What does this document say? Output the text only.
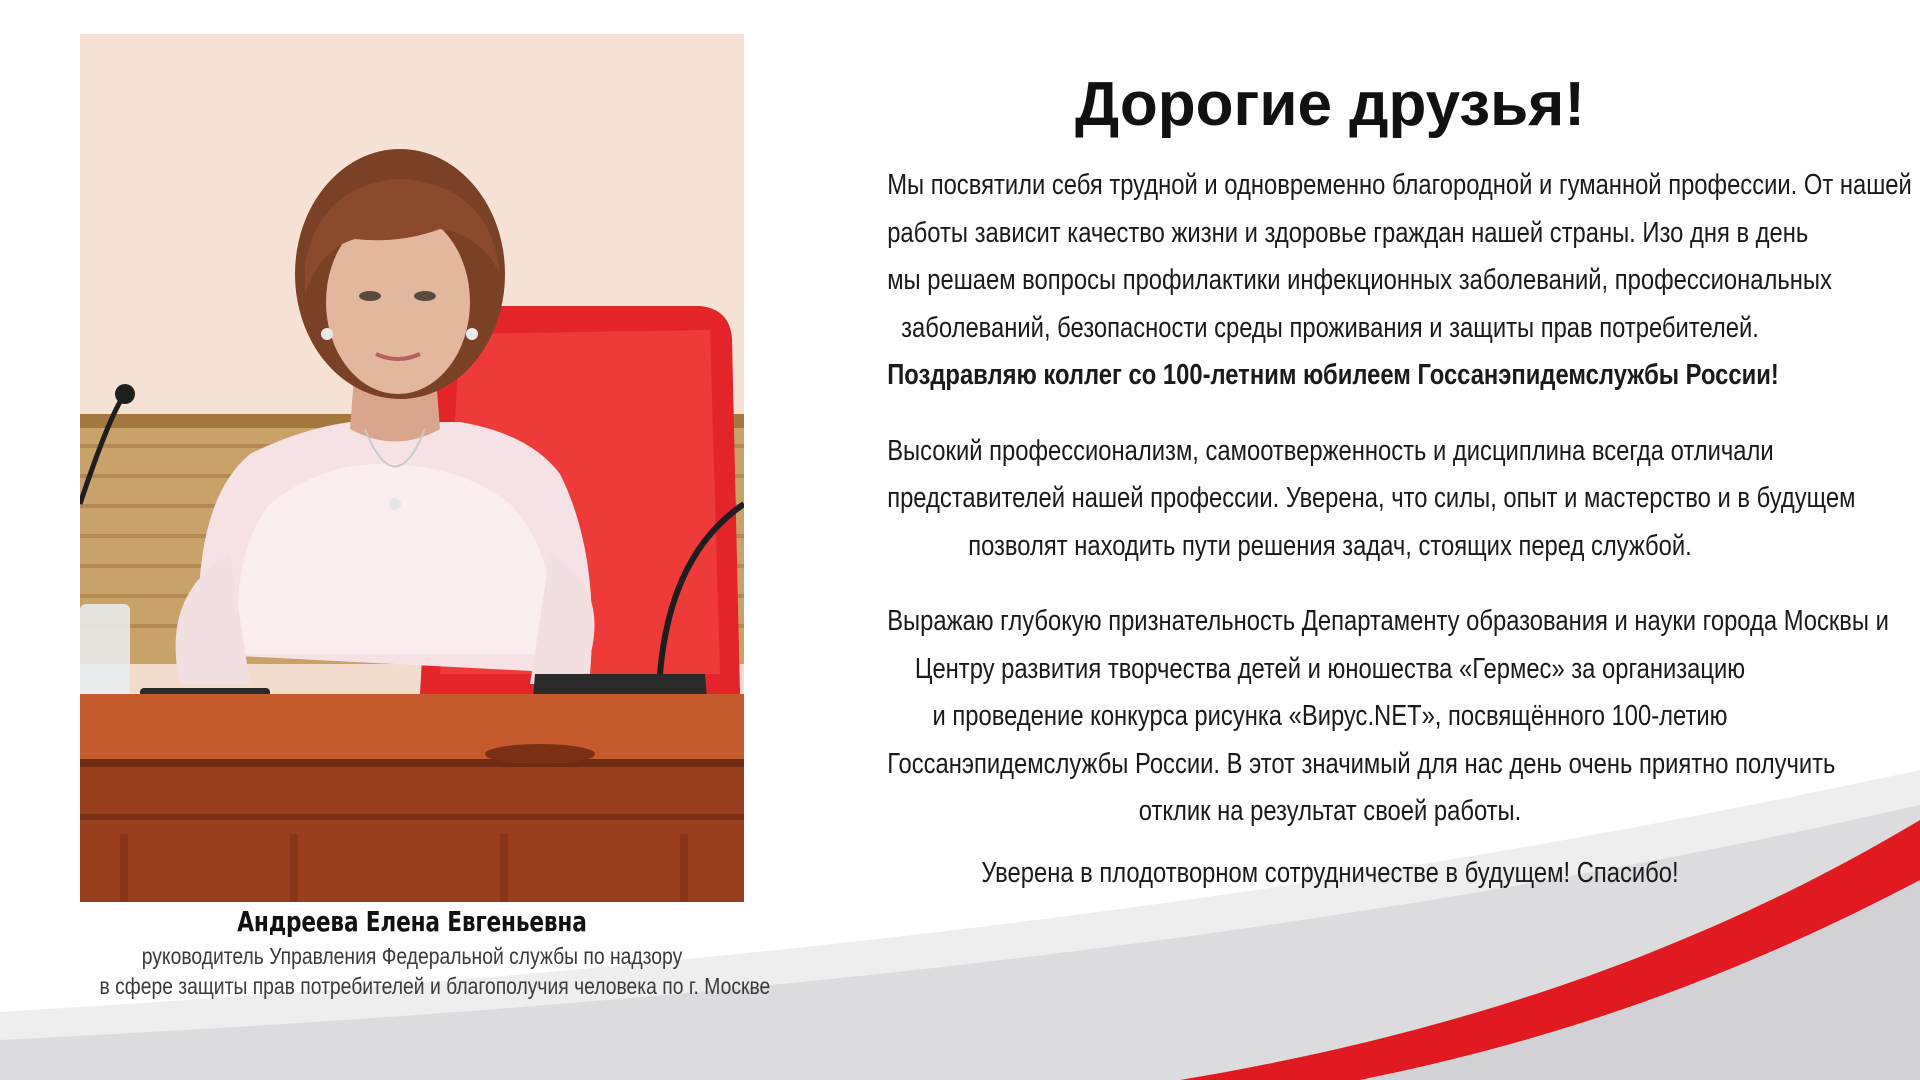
Андреева Елена Евгеньевна
руководитель Управления Федеральной службы по надзору
в сфере защиты прав потребителей и благополучия человека по г. Москве
Дорогие друзья!
Мы посвятили себя трудной и одновременно благородной и гуманной профессии. От нашей
работы зависит качество жизни и здоровье граждан нашей страны. Изо дня в день
мы решаем вопросы профилактики инфекционных заболеваний, профессиональных
заболеваний, безопасности среды проживания и защиты прав потребителей.
Поздравляю коллег со 100-летним юбилеем Госсанэпидемслужбы России!
Высокий профессионализм, самоотверженность и дисциплина всегда отличали
представителей нашей профессии. Уверена, что силы, опыт и мастерство и в будущем
позволят находить пути решения задач, стоящих перед службой.
Выражаю глубокую признательность Департаменту образования и науки города Москвы и
Центру развития творчества детей и юношества «Гермес» за организацию
и проведение конкурса рисунка «Вирус.NET», посвящённого 100-летию
Госсанэпидемслужбы России. В этот значимый для нас день очень приятно получить
отклик на результат своей работы.
Уверена в плодотворном сотрудничестве в будущем! Спасибо!
